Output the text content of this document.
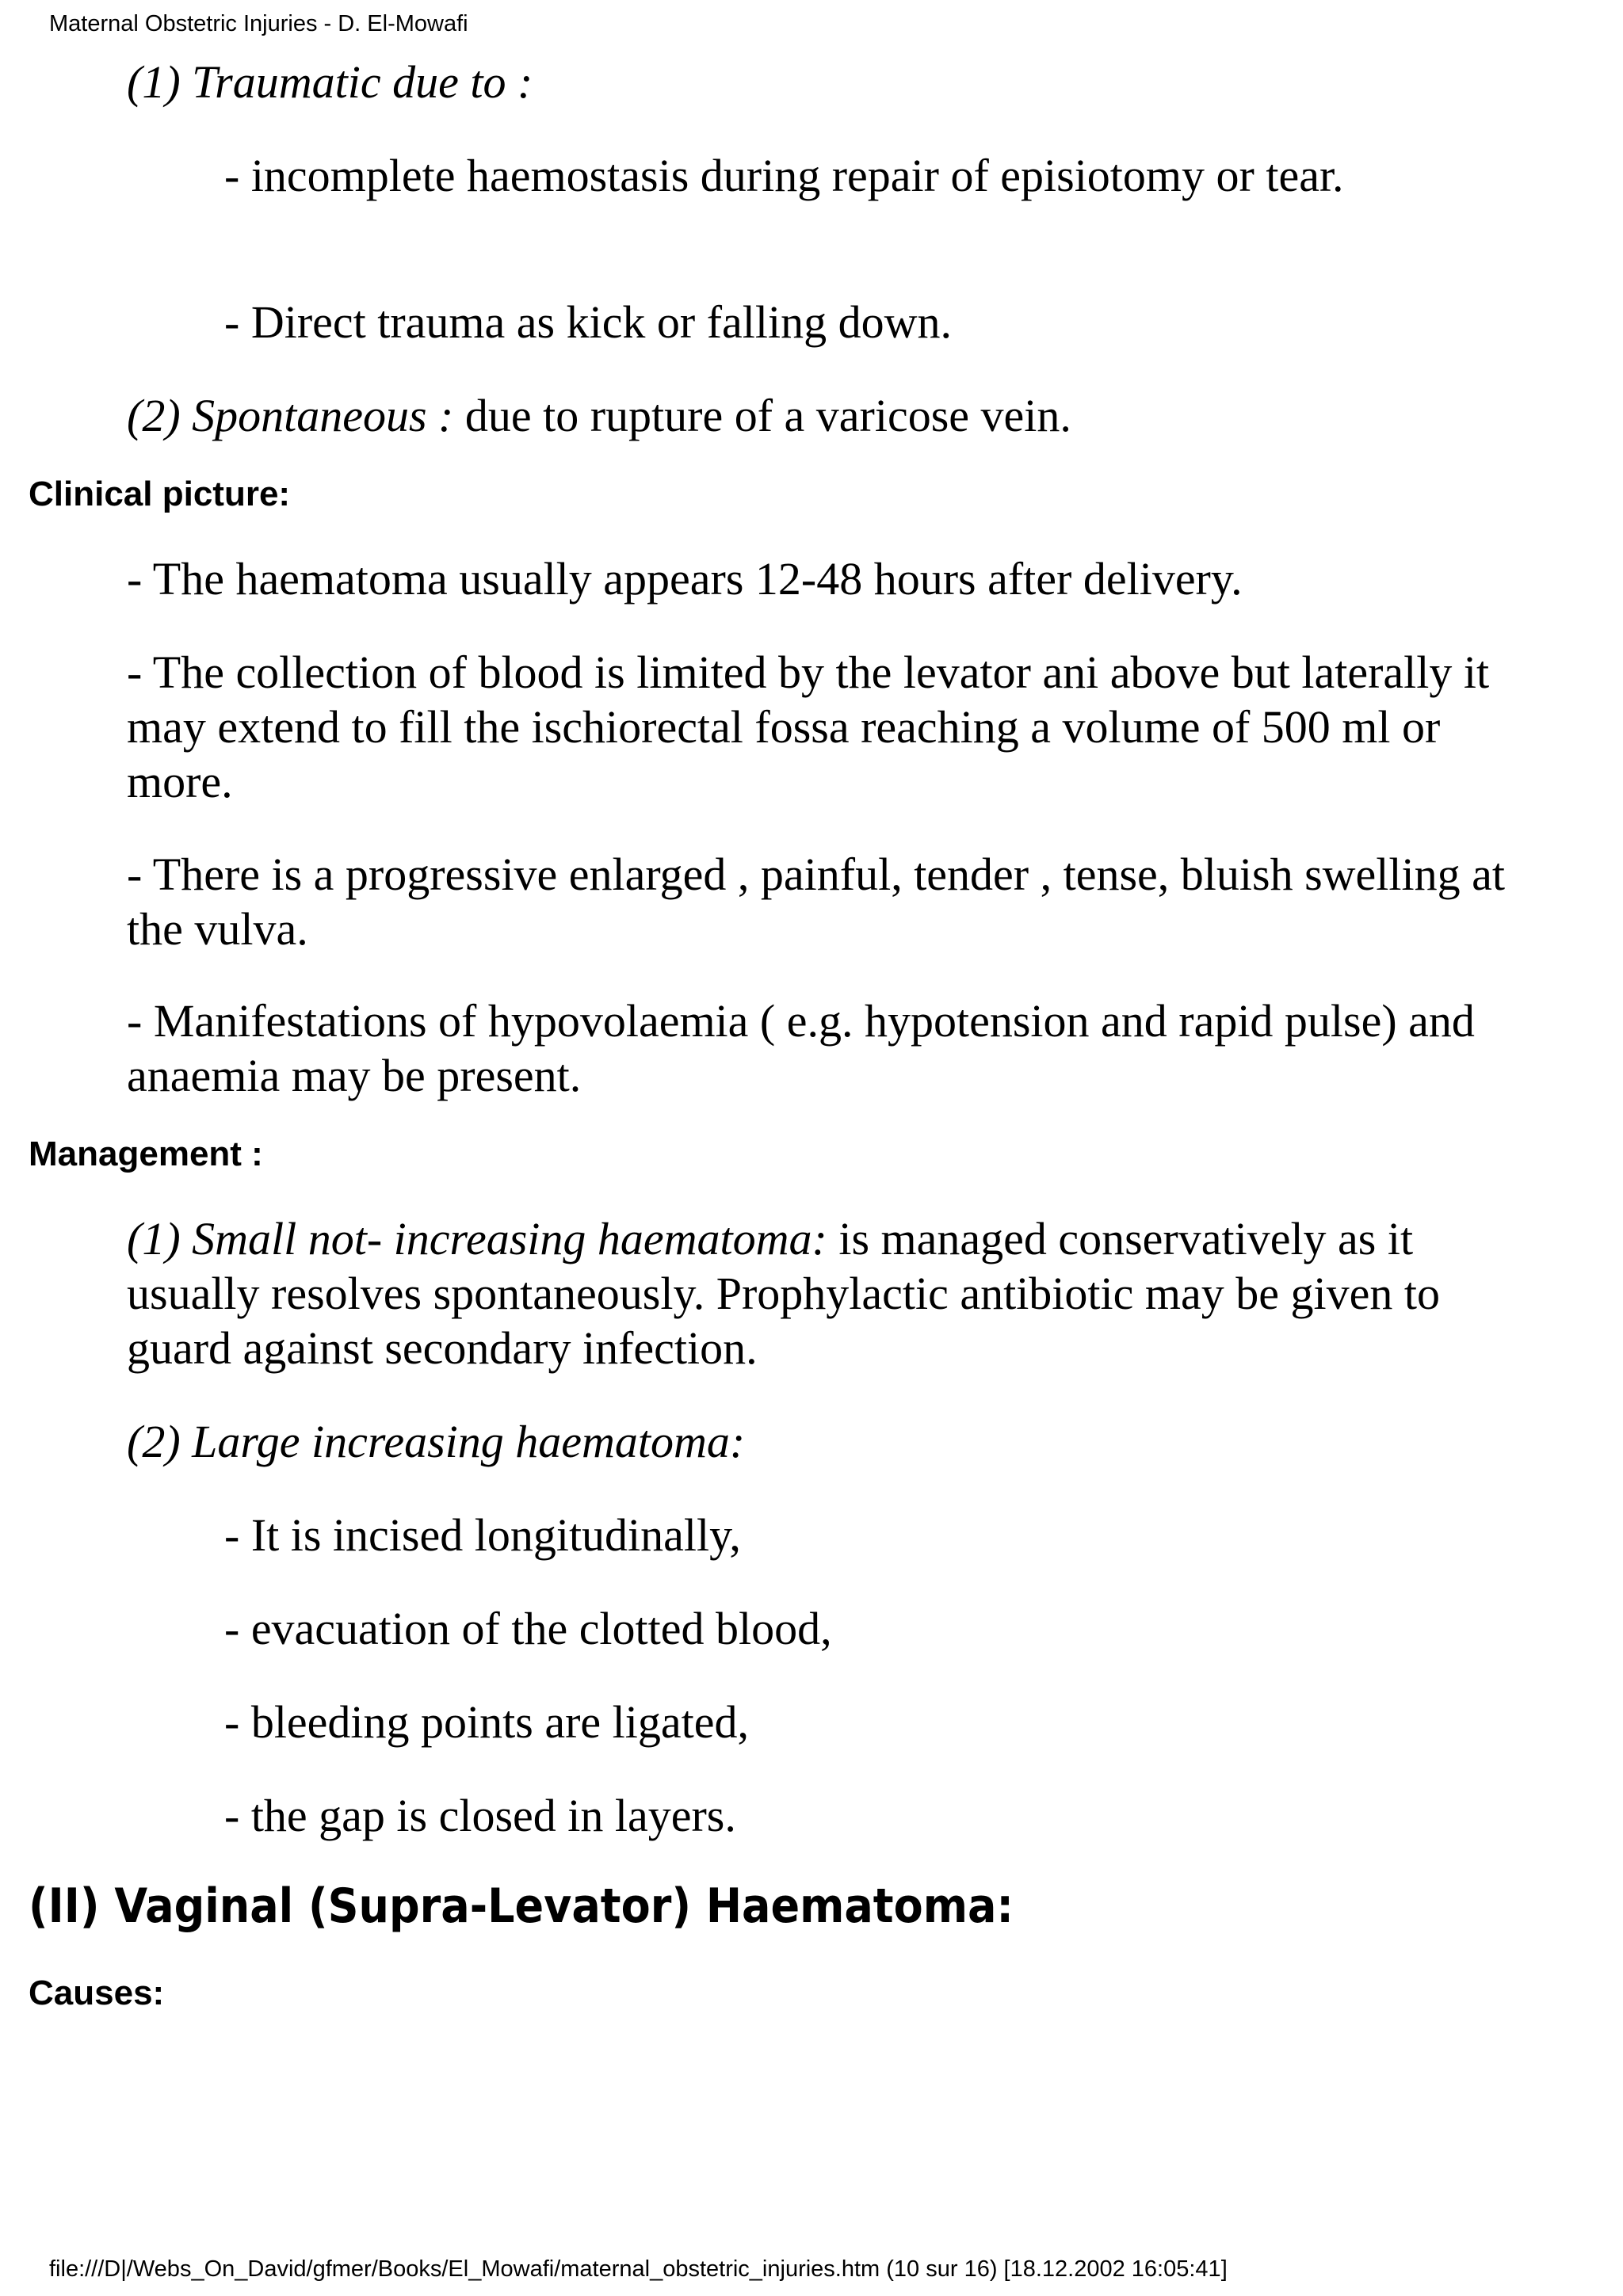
Maternal Obstetric Injuries - D. El-Mowafi

(1) Traumatic due to :

- incomplete haemostasis during repair of episiotomy or tear.

- Direct trauma as kick or falling down.

(2) Spontaneous : due to rupture of a varicose vein.

Clinical picture:

- The haematoma usually appears 12-48 hours after delivery.

- The collection of blood is limited by the levator ani above but laterally it may extend to fill the ischiorectal fossa reaching a volume of 500 ml or more.

- There is a progressive enlarged , painful, tender , tense, bluish swelling at the vulva.

- Manifestations of hypovolaemia ( e.g. hypotension and rapid pulse) and anaemia may be present.

Management :

(1) Small not- increasing haematoma: is managed conservatively as it usually resolves spontaneously. Prophylactic antibiotic may be given to guard against secondary infection.

(2) Large increasing haematoma:

- It is incised longitudinally,

- evacuation of the clotted blood,

- bleeding points are ligated,

- the gap is closed in layers.

(II) Vaginal (Supra-Levator) Haematoma:
Causes:
file:///D|/Webs_On_David/gfmer/Books/El_Mowafi/maternal_obstetric_injuries.htm (10 sur 16) [18.12.2002 16:05:41]
